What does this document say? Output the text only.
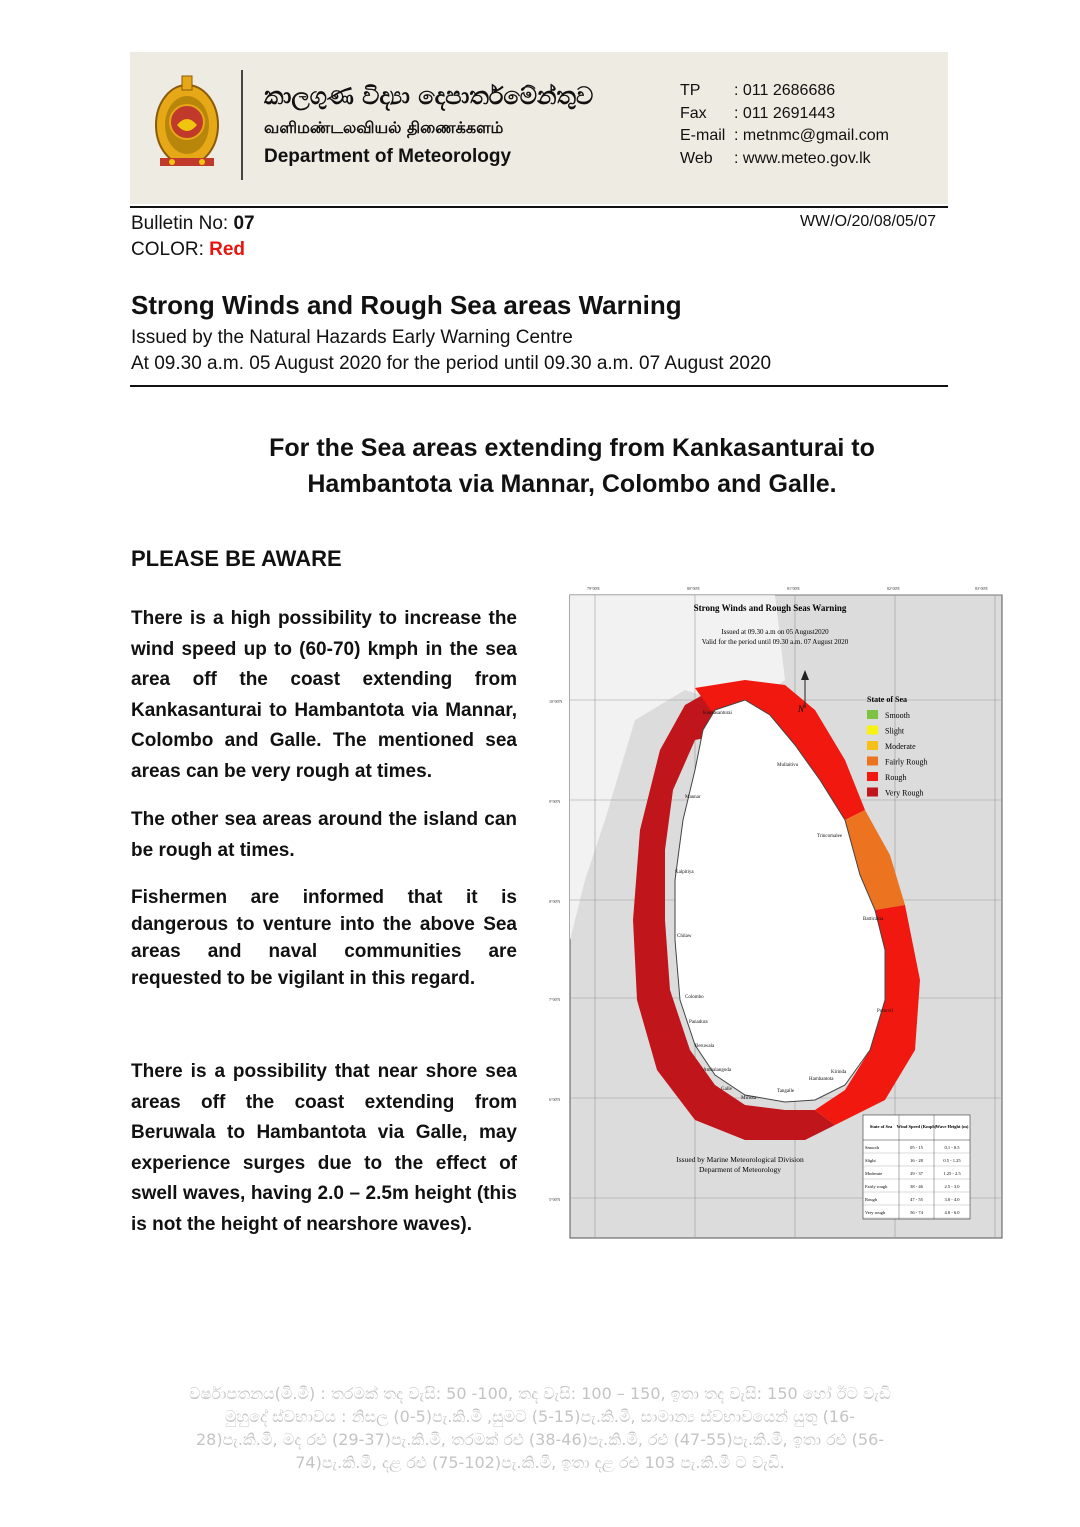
කාලගුණ විද්‍යා දෙපාර්තමේන්තුව
வளிமண்டலவியல் திணைக்களம்
Department of Meteorology
TP	: 011 2686686
Fax	: 011 2691443
E-mail : metnmc@gmail.com
Web	: www.meteo.gov.lk
Bulletin No: 07
COLOR: Red
WW/O/20/08/05/07
Strong Winds and Rough Sea areas Warning
Issued by the Natural Hazards Early Warning Centre
At 09.30 a.m. 05 August 2020 for the period until 09.30 a.m. 07 August 2020
For the Sea areas extending from Kankasanturai to
Hambantota via Mannar, Colombo and Galle.
PLEASE BE AWARE
There is a high possibility to increase the wind speed up to (60-70) kmph in the sea area off the coast extending from Kankasanturai to Hambantota via Mannar, Colombo and Galle. The mentioned sea areas can be very rough at times.
The other sea areas around the island can be rough at times.
Fishermen are informed that it is dangerous to venture into the above Sea areas and naval communities are requested to be vigilant in this regard.
There is a possibility that near shore sea areas off the coast extending from Beruwala to Hambantota via Galle, may experience surges due to the effect of swell waves, having 2.0 – 2.5m height (this is not the height of nearshore waves).
Strong Winds and Rough Seas Warning
Issued at 09.30 a.m on 05 August2020
Valid for the period until 09.30 a.m. 07 August 2020
N
State of Sea
Smooth
Slight
Moderate
Fairly Rough
Rough
Very Rough
Kankasanturai
Mullaitivu
Mannar
Trincomalee
Kalpitiya
Batticaloa
Chilaw
Colombo
Panadura
Pottuvil
Beruwala
Ambalangoda
Hambantota
Galle
Mirissa
Tangalle
Kirinda
10°00'N
9°00'N
8°00'N
7°00'N
6°00'N
5°00'N
79°00'E	80°00'E	81°00'E	82°00'E	83°00'E
Issued by Marine Meteorological Division
Deparment of Meteorology
State of Sea Wind Speed (Kmph) Wave Height (m)
Smooth	05 - 15	0.1 - 0.5
Slight	16 - 28	0.5 - 1.25
Moderate	29 - 37	1.25 - 2.5
Fairly rough	38 - 46	2.5 - 3.0
Rough	47 - 55	3.0 - 4.0
Very rough	56 - 74	4.0 - 6.0
වර්ෂාපතනය(මි.මී) : තරමක් තද වැසි: 50 -100, තද වැසි: 100 – 150, ඉතා තද වැසි: 150 හෝ ඊට වැඩි
මුහුදේ ස්වභාවය : නිසල (0-5)පැ.කි.මී ,සුමට (5-15)පැ.කි.මී, සාමාන්‍ය ස්වභාවයෙන් යුතු (16-
28)පැ.කි.මී, මද රළු (29-37)පැ.කි.මී, තරමක් රළු (38-46)පැ.කි.මී, රළු (47-55)පැ.කි.මී, ඉතා රළු (56-
74)පැ.කි.මී, දළ රළු (75-102)පැ.කි.මී, ඉතා දළ රළු 103 පැ.කි.මී ට වැඩි.
